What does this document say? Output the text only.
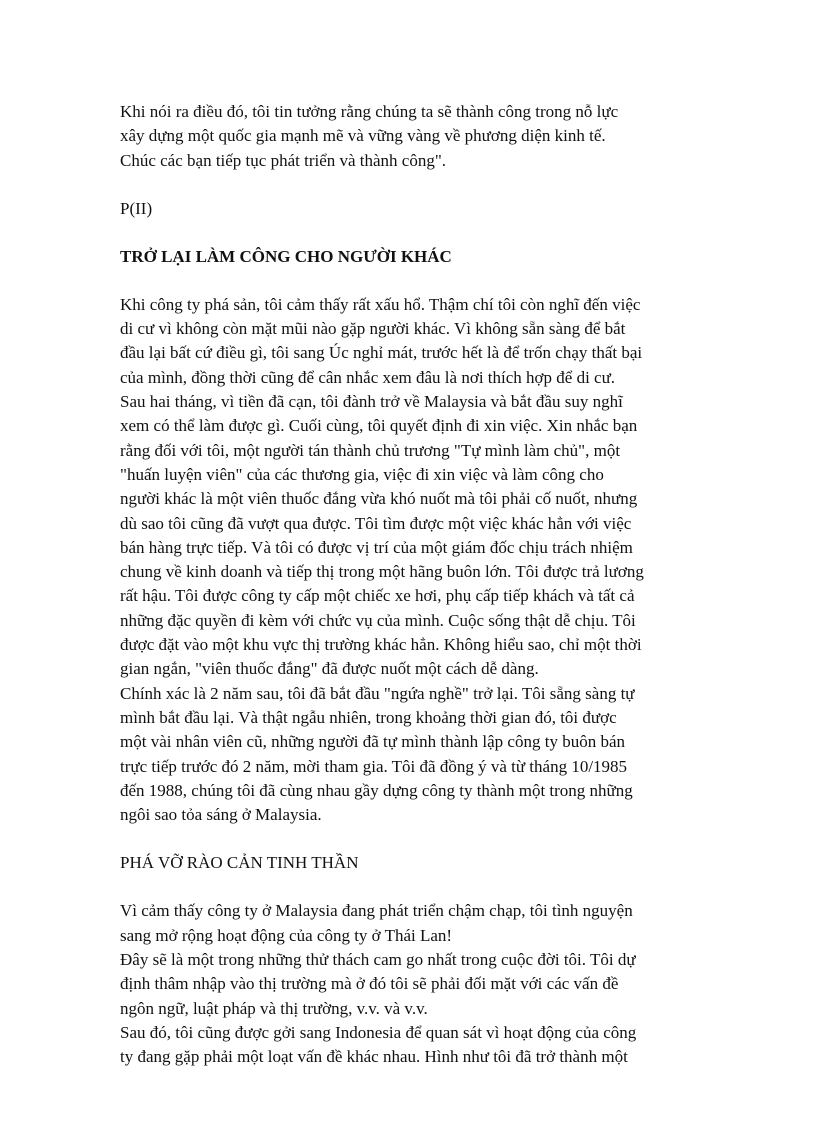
Khi nói ra điều đó, tôi tin tưởng rằng chúng ta sẽ thành công trong nỗ lực

xây dựng một quốc gia mạnh mẽ và vững vàng về phương diện kinh tế.

Chúc các bạn tiếp tục phát triển và thành công".

P(II)

TRỞ LẠI LÀM CÔNG CHO NGƯỜI KHÁC

Khi công ty phá sản, tôi cảm thấy rất xấu hổ. Thậm chí tôi còn nghĩ đến việc

di cư vì không còn mặt mũi nào gặp người khác. Vì không sẵn sàng để bắt

đầu lại bất cứ điều gì, tôi sang Úc nghỉ mát, trước hết là để trốn chạy thất bại

của mình, đồng thời cũng để cân nhắc xem đâu là nơi thích hợp để di cư.

Sau hai tháng, vì tiền đã cạn, tôi đành trở về Malaysia và bắt đầu suy nghĩ

xem có thể làm được gì. Cuối cùng, tôi quyết định đi xin việc. Xin nhắc bạn

rằng đối với tôi, một người tán thành chủ trương "Tự mình làm chủ", một

"huấn luyện viên" của các thương gia, việc đi xin việc và làm công cho

người khác là một viên thuốc đắng vừa khó nuốt mà tôi phải cố nuốt, nhưng

dù sao tôi cũng đã vượt qua được. Tôi tìm được một việc khác hẳn với việc

bán hàng trực tiếp. Và tôi có được vị trí của một giám đốc chịu trách nhiệm

chung về kinh doanh và tiếp thị trong một hãng buôn lớn. Tôi được trả lương

rất hậu. Tôi được công ty cấp một chiếc xe hơi, phụ cấp tiếp khách và tất cả

những đặc quyền đi kèm với chức vụ của mình. Cuộc sống thật dễ chịu. Tôi

được đặt vào một khu vực thị trường khác hẳn. Không hiểu sao, chỉ một thời

gian ngắn, "viên thuốc đắng" đã được nuốt một cách dễ dàng.

Chính xác là 2 năm sau, tôi đã bắt đầu "ngứa nghề" trở lại. Tôi sẵng sàng tự

mình bắt đầu lại. Và thật ngẫu nhiên, trong khoảng thời gian đó, tôi được

một vài nhân viên cũ, những người đã tự mình thành lập công ty buôn bán

trực tiếp trước đó 2 năm, mời tham gia. Tôi đã đồng ý và từ tháng 10/1985

đến 1988, chúng tôi đã cùng nhau gầy dựng công ty thành một trong những

ngôi sao tỏa sáng ở Malaysia.

PHÁ VỠ RÀO CẢN TINH THẦN

Vì cảm thấy công ty ở Malaysia đang phát triển chậm chạp, tôi tình nguyện

sang mở rộng hoạt động của công ty ở Thái Lan!

Đây sẽ là một trong những thử thách cam go nhất trong cuộc đời tôi. Tôi dự

định thâm nhập vào thị trường mà ở đó tôi sẽ phải đối mặt với các vấn đề

ngôn ngữ, luật pháp và thị trường, v.v. và v.v.

Sau đó, tôi cũng được gởi sang Indonesia để quan sát vì hoạt động của công

ty đang gặp phải một loạt vấn đề khác nhau. Hình như tôi đã trở thành một
